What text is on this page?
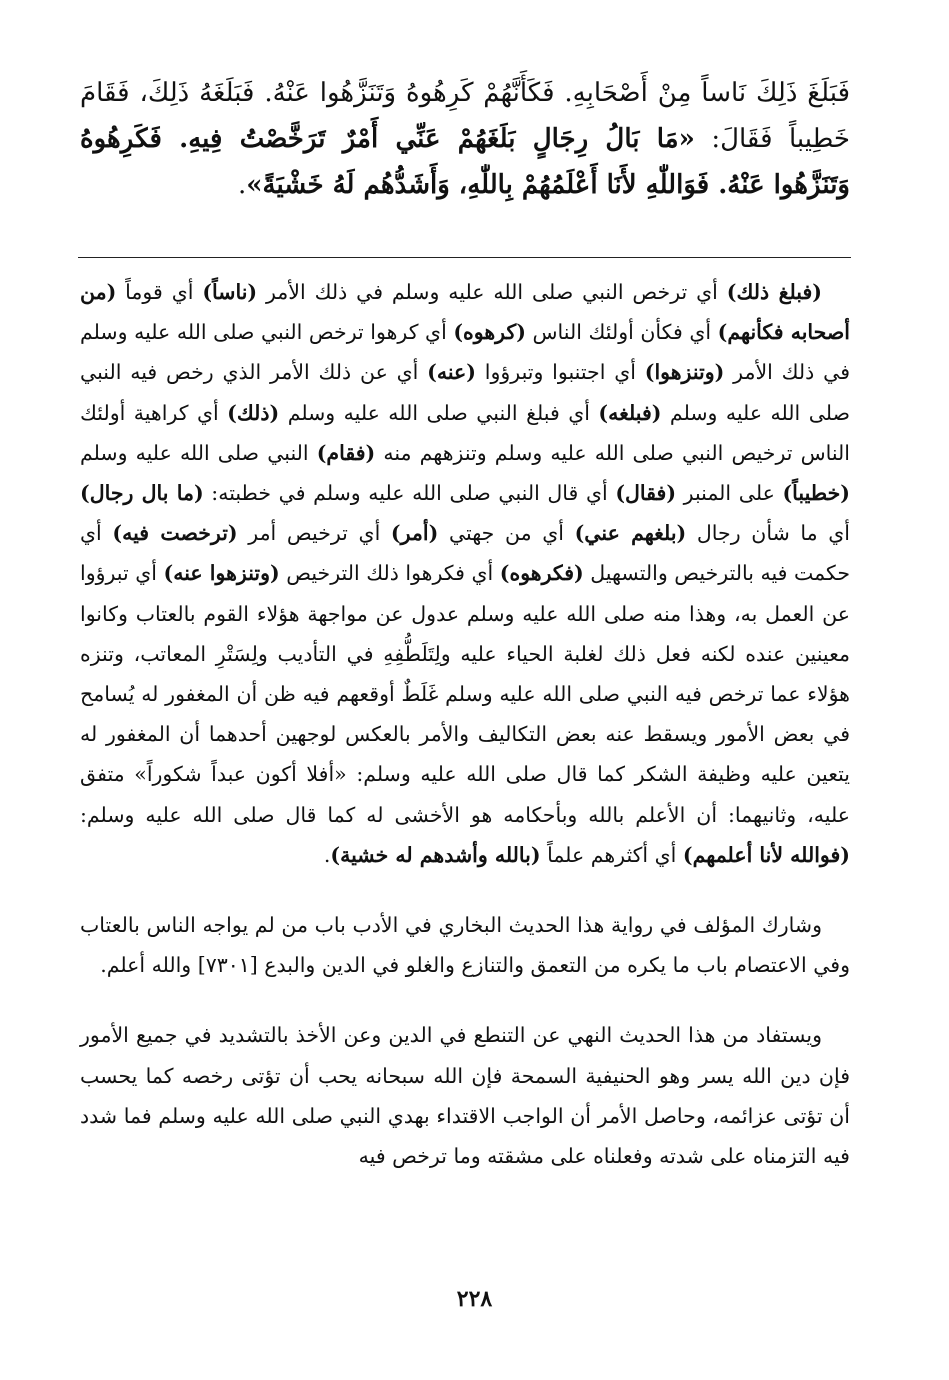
فَبَلَغَ ذَلِكَ نَاساً مِنْ أَصْحَابِهِ. فَكَأَنَّهُمْ كَرِهُوهُ وَتَنَزَّهُوا عَنْهُ. فَبَلَغَهُ ذَلِكَ، فَقَامَ خَطِيباً فَقَالَ: «مَا بَالُ رِجَالٍ بَلَغَهُمْ عَنِّي أَمْرٌ تَرَخَّصْتُ فِيهِ. فَكَرِهُوهُ وَتَنَزَّهُوا عَنْهُ. فَوَاللّٰهِ لأَنَا أَعْلَمُهُمْ بِاللّٰهِ، وَأَشَدُّهُم لَهُ خَشْيَةً».

(فبلغ ذلك) أي ترخص النبي صلى الله عليه وسلم في ذلك الأمر (ناساً) أي قوماً (من أصحابه فكأنهم) أي فكأن أولئك الناس (كرهوه) أي كرهوا ترخص النبي صلى الله عليه وسلم في ذلك الأمر (وتنزهوا) أي اجتنبوا وتبرؤوا (عنه) أي عن ذلك الأمر الذي رخص فيه النبي صلى الله عليه وسلم (فبلغه) أي فبلغ النبي صلى الله عليه وسلم (ذلك) أي كراهية أولئك الناس ترخيص النبي صلى الله عليه وسلم وتنزههم منه (فقام) النبي صلى الله عليه وسلم (خطيباً) على المنبر (فقال) أي قال النبي صلى الله عليه وسلم في خطبته: (ما بال رجال) أي ما شأن رجال (بلغهم عني) أي من جهتي (أمر) أي ترخيص أمر (ترخصت فيه) أي حكمت فيه بالترخيص والتسهيل (فكرهوه) أي فكرهوا ذلك الترخيص (وتنزهوا عنه) أي تبرؤوا عن العمل به، وهذا منه صلى الله عليه وسلم عدول عن مواجهة هؤلاء القوم بالعتاب وكانوا معينين عنده لكنه فعل ذلك لغلبة الحياء عليه ولِتَلَطُّفِهِ في التأديب ولِسَتْرِ المعاتب، وتنزه هؤلاء عما ترخص فيه النبي صلى الله عليه وسلم غَلَطٌ أوقعهم فيه ظن أن المغفور له يُسامح في بعض الأمور ويسقط عنه بعض التكاليف والأمر بالعكس لوجهين أحدهما أن المغفور له يتعين عليه وظيفة الشكر كما قال صلى الله عليه وسلم: «أفلا أكون عبداً شكوراً» متفق عليه، وثانيهما: أن الأعلم بالله وبأحكامه هو الأخشى له كما قال صلى الله عليه وسلم: (فوالله لأنا أعلمهم) أي أكثرهم علماً (بالله وأشدهم له خشية).

وشارك المؤلف في رواية هذا الحديث البخاري في الأدب باب من لم يواجه الناس بالعتاب وفي الاعتصام باب ما يكره من التعمق والتنازع والغلو في الدين والبدع [٧٣٠١] والله أعلم.

ويستفاد من هذا الحديث النهي عن التنطع في الدين وعن الأخذ بالتشديد في جميع الأمور فإن دين الله يسر وهو الحنيفية السمحة فإن الله سبحانه يحب أن تؤتى رخصه كما يحسب أن تؤتى عزائمه، وحاصل الأمر أن الواجب الاقتداء بهدي النبي صلى الله عليه وسلم فما شدد فيه التزمناه على شدته وفعلناه على مشقته وما ترخص فيه

٢٢٨
